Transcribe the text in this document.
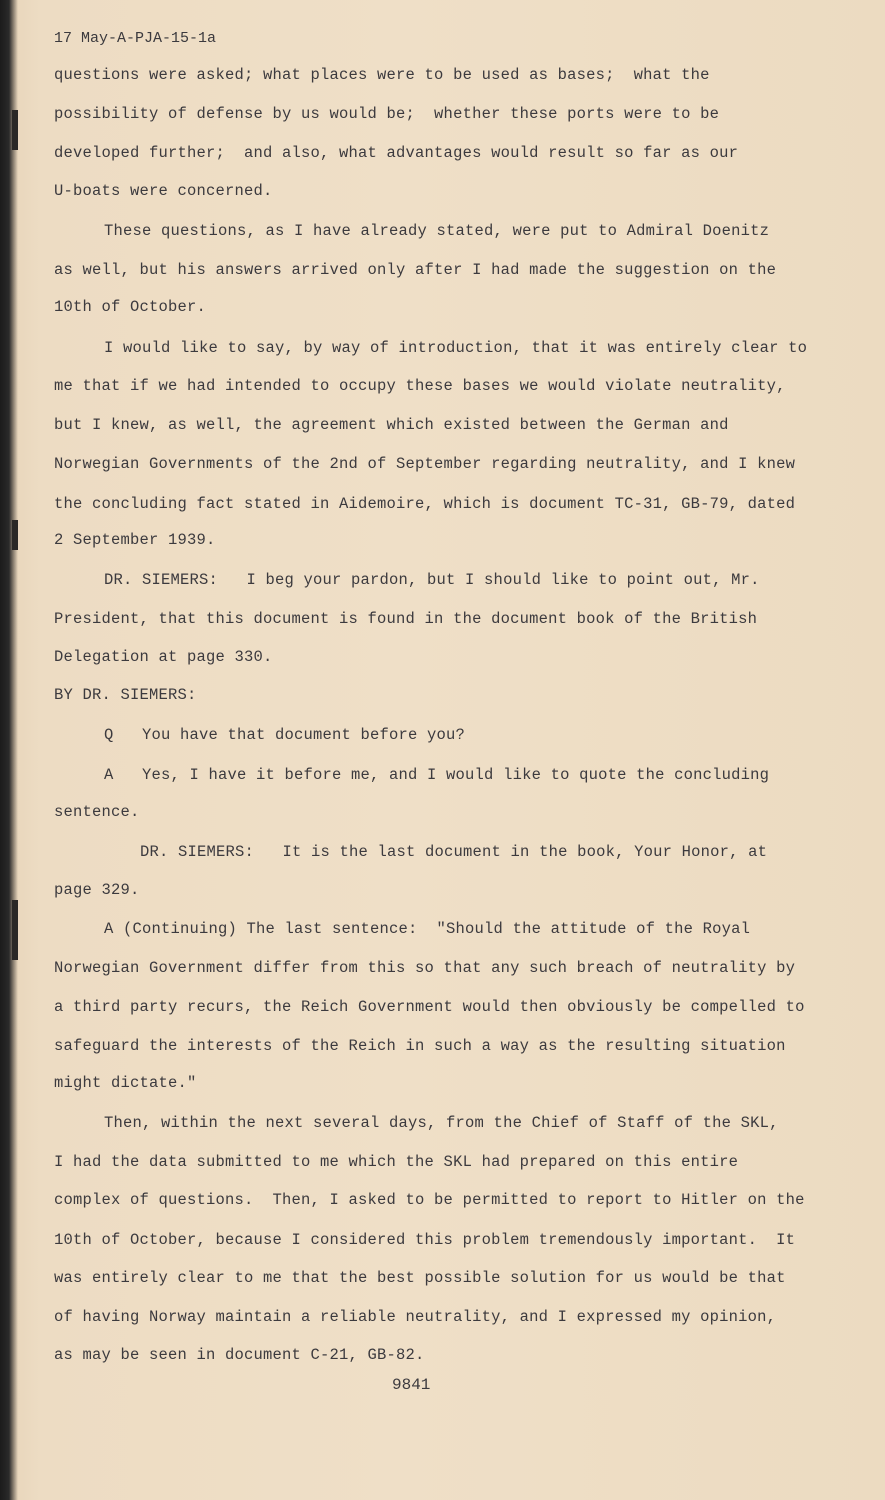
17 May-A-PJA-15-1a
questions were asked; what places were to be used as bases;  what the
possibility of defense by us would be;  whether these ports were to be
developed further;  and also, what advantages would result so far as our
U-boats were concerned.
These questions, as I have already stated, were put to Admiral Doenitz
as well, but his answers arrived only after I had made the suggestion on the
10th of October.
I would like to say, by way of introduction, that it was entirely clear to
me that if we had intended to occupy these bases we would violate neutrality,
but I knew, as well, the agreement which existed between the German and
Norwegian Governments of the 2nd of September regarding neutrality, and I knew
the concluding fact stated in Aidemoire, which is document TC-31, GB-79, dated
2 September 1939.
DR. SIEMERS:   I beg your pardon, but I should like to point out, Mr.
President, that this document is found in the document book of the British
Delegation at page 330.
BY DR. SIEMERS:
Q   You have that document before you?
A   Yes, I have it before me, and I would like to quote the concluding
sentence.
DR. SIEMERS:   It is the last document in the book, Your Honor, at
page 329.
A (Continuing) The last sentence:  "Should the attitude of the Royal
Norwegian Government differ from this so that any such breach of neutrality by
a third party recurs, the Reich Government would then obviously be compelled to
safeguard the interests of the Reich in such a way as the resulting situation
might dictate."
Then, within the next several days, from the Chief of Staff of the SKL,
I had the data submitted to me which the SKL had prepared on this entire
complex of questions.  Then, I asked to be permitted to report to Hitler on the
10th of October, because I considered this problem tremendously important.  It
was entirely clear to me that the best possible solution for us would be that
of having Norway maintain a reliable neutrality, and I expressed my opinion,
as may be seen in document C-21, GB-82.
9841
